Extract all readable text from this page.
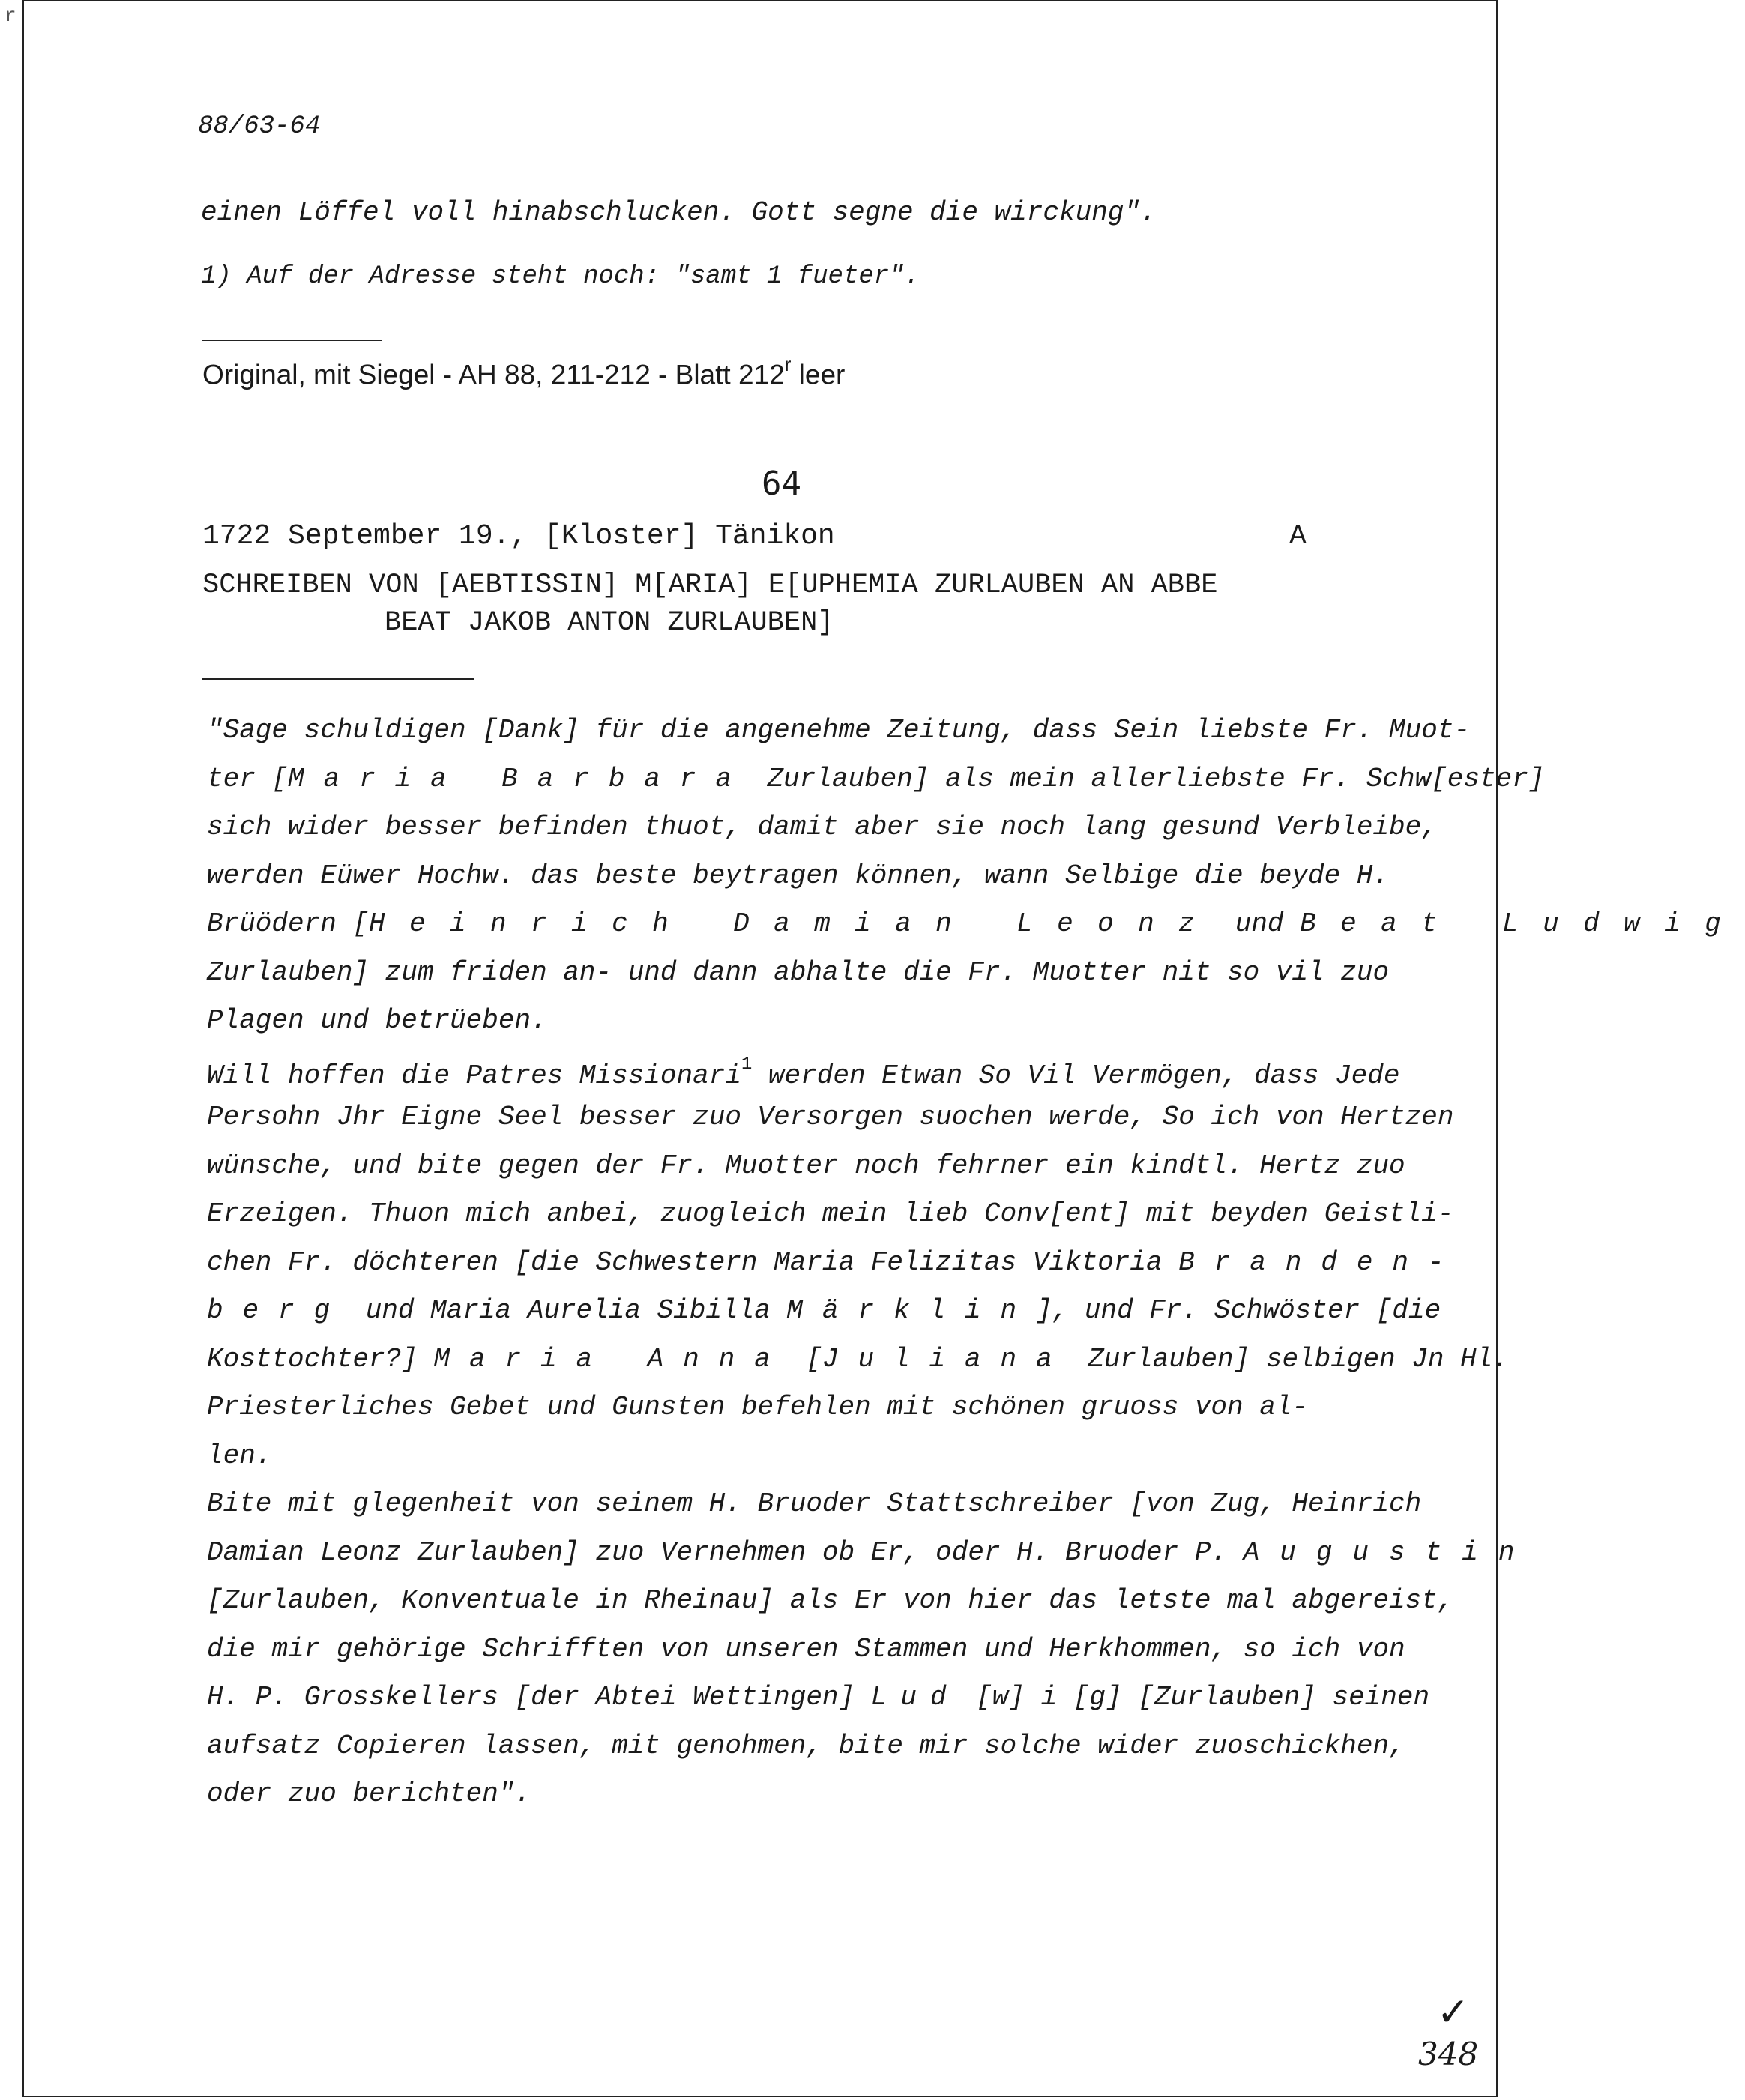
r
88/63-64
einen Löffel voll hinabschlucken. Gott segne die wirckung".
1) Auf der Adresse steht noch: "samt 1 fueter".
Original, mit Siegel - AH 88, 211-212 - Blatt 212$^r$ leer
64
1722 September 19., [Kloster] Tänikon	A
SCHREIBEN VON [AEBTISSIN] M[ARIA] E[UPHEMIA ZURLAUBEN AN ABBE
BEAT JAKOB ANTON ZURLAUBEN]
"Sage schuldigen [Dank] für die angenehme Zeitung, dass Sein liebste Fr. Muot-
ter [Maria Barbara Zurlauben] als mein allerliebste Fr. Schw[ester]
sich wider besser befinden thuot, damit aber sie noch lang gesund Verbleibe,
werden Eüwer Hochw. das beste beytragen können, wann Selbige die beyde H.
Brüödern [Heinrich Damian Leonz und Beat Ludwig
Zurlauben] zum friden an- und dann abhalte die Fr. Muotter nit so vil zuo
Plagen und betrüeben.
Will hoffen die Patres Missionari$^1$ werden Etwan So Vil Vermögen, dass Jede
Persohn Jhr Eigne Seel besser zuo Versorgen suochen werde, So ich von Hertzen
wünsche, und bite gegen der Fr. Muotter noch fehrner ein kindtl. Hertz zuo
Erzeigen. Thuon mich anbei, zuogleich mein lieb Conv[ent] mit beyden Geistli-
chen Fr. döchteren [die Schwestern Maria Felizitas Viktoria Branden-
berg und Maria Aurelia Sibilla Märklin], und Fr. Schwöster [die
Kosttochter?] Maria Anna [Juliana Zurlauben] selbigen Jn Hl.
Priesterliches Gebet und Gunsten befehlen mit schönen gruoss von al-
len.
Bite mit glegenheit von seinem H. Bruoder Stattschreiber [von Zug, Heinrich
Damian Leonz Zurlauben] zuo Vernehmen ob Er, oder H. Bruoder P. Augustin
[Zurlauben, Konventuale in Rheinau] als Er von hier das letste mal abgereist,
die mir gehörige Schrifften von unseren Stammen und Herkhommen, so ich von
H. P. Grosskellers [der Abtei Wettingen] Lud [w] i [g] [Zurlauben] seinen
aufsatz Copieren lassen, mit genohmen, bite mir solche wider zuoschickhen,
oder zuo berichten".
✓
348
